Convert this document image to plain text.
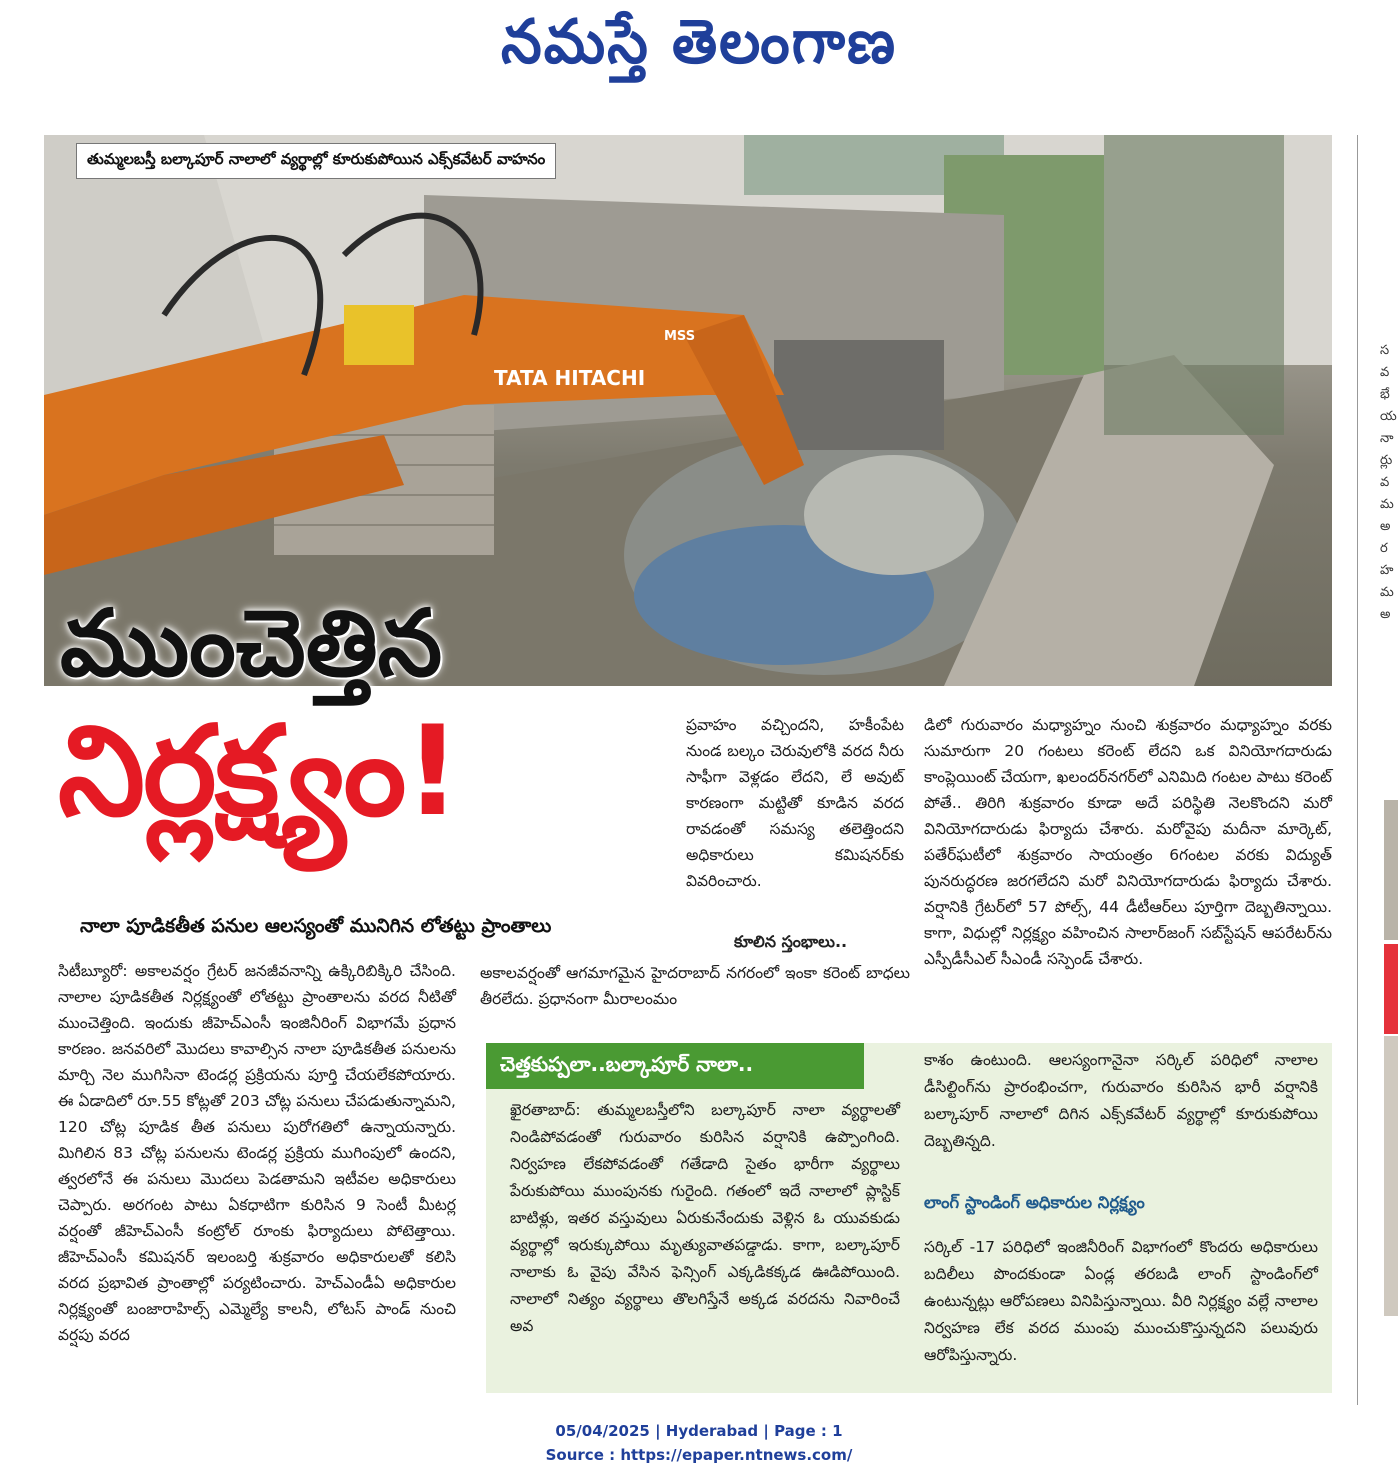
నమస్తే తెలంగాణ
TATA HITACHI
MSS
తుమ్మలబస్తీ బల్కాపూర్ నాలాలో వ్యర్థాల్లో కూరుకుపోయిన ఎక్స్‌కవేటర్ వాహనం
ముంచెత్తిన
నిర్లక్ష్యం!
నాలా పూడికతీత పనుల ఆలస్యంతో మునిగిన లోతట్టు ప్రాంతాలు

సిటీబ్యూరో: అకాలవర్షం గ్రేటర్ జనజీవనాన్ని ఉక్కిరిబిక్కిరి చేసింది. నాలాల పూడికతీత నిర్లక్ష్యంతో లోతట్టు ప్రాంతాలను వరద నీటితో ముంచెత్తింది. ఇందుకు జీహెచ్ఎంసీ ఇంజినీరింగ్ విభాగమే ప్రధాన కారణం. జనవరిలో మొదలు కావాల్సిన నాలా పూడికతీత పనులను మార్చి నెల ముగిసినా టెండర్ల ప్రక్రియను పూర్తి చేయలేకపోయారు. ఈ ఏడాదిలో రూ.55 కోట్లతో 203 చోట్ల పనులు చేపడుతున్నామని, 120 చోట్ల పూడిక తీత పనులు పురోగతిలో ఉన్నాయన్నారు. మిగిలిన 83 చోట్ల పనులను టెండర్ల ప్రక్రియ ముగింపులో ఉందని, త్వరలోనే ఈ పనులు మొదలు పెడతామని ఇటీవల అధికారులు చెప్పారు. అరగంట పాటు ఏకధాటిగా కురిసిన 9 సెంటీ మీటర్ల వర్షంతో జీహెచ్ఎంసీ కంట్రోల్ రూంకు ఫిర్యాదులు పోటెత్తాయి. జీహెచ్ఎంసీ కమిషనర్ ఇలంబర్తి శుక్రవారం అధికారులతో కలిసి వరద ప్రభావిత ప్రాంతాల్లో పర్యటించారు. హెచ్ఎండీఏ అధికారుల నిర్లక్ష్యంతో బంజారాహిల్స్ ఎమ్మెల్యే కాలనీ, లోటస్ పాండ్ నుంచి వర్షపు వరద

ప్రవాహం వచ్చిందని, హకీంపేట నుండ బల్కం చెరువులోకి వరద నీరు సాఫీగా వెళ్లడం లేదని, లే అవుట్ కారణంగా మట్టితో కూడిన వరద రావడంతో సమస్య తలెత్తిందని అధికారులు కమిషనర్‌కు వివరించారు.

కూలిన స్తంభాలు..

అకాలవర్షంతో ఆగమాగమైన హైదరాబాద్ నగరంలో ఇంకా కరెంట్ బాధలు తీరలేదు. ప్రధానంగా మీరాలంమం

డిలో గురువారం మధ్యాహ్నం నుంచి శుక్రవారం మధ్యాహ్నం వరకు సుమారుగా 20 గంటలు కరెంట్ లేదని ఒక వినియోగదారుడు కాంప్లెయింట్ చేయగా, ఖలందర్‌నగర్‌లో ఎనిమిది గంటల పాటు కరెంట్ పోతే.. తిరిగి శుక్రవారం కూడా అదే పరిస్థితి నెలకొందని మరో వినియోగదారుడు ఫిర్యాదు చేశారు. మరోవైపు మదీనా మార్కెట్, పతేర్‌ఘటీలో శుక్రవారం సాయంత్రం 6గంటల వరకు విద్యుత్ పునరుద్ధరణ జరగలేదని మరో వినియోగదారుడు ఫిర్యాదు చేశారు. వర్షానికి గ్రేటర్‌లో 57 పోల్స్, 44 డీటీఆర్‌లు పూర్తిగా దెబ్బతిన్నాయి. కాగా, విధుల్లో నిర్లక్ష్యం వహించిన సాలార్‌జంగ్ సబ్‌స్టేషన్ ఆపరేటర్‌ను ఎస్పీడీసీఎల్ సీఎండీ సస్పెండ్ చేశారు.

చెత్తకుప్పలా..బల్కాపూర్ నాలా..

ఖైరతాబాద్: తుమ్మలబస్తీలోని బల్కాపూర్ నాలా వ్యర్థాలతో నిండిపోవడంతో గురువారం కురిసిన వర్షానికి ఉప్పొంగింది. నిర్వహణ లేకపోవడంతో గతేడాది సైతం భారీగా వ్యర్థాలు పేరుకుపోయి ముంపునకు గురైంది. గతంలో ఇదే నాలాలో ప్లాస్టిక్ బాటిళ్లు, ఇతర వస్తువులు ఏరుకునేందుకు వెళ్లిన ఓ యువకుడు వ్యర్థాల్లో ఇరుక్కుపోయి మృత్యువాతపడ్డాడు. కాగా, బల్కాపూర్ నాలాకు ఓ వైపు వేసిన ఫెన్సింగ్ ఎక్కడికక్కడ ఊడిపోయింది. నాలాలో నిత్యం వ్యర్థాలు తొలగిస్తేనే అక్కడ వరదను నివారించే అవ

కాశం ఉంటుంది. ఆలస్యంగానైనా సర్కిల్ పరిధిలో నాలాల డీసిల్టింగ్‌ను ప్రారంభించగా, గురువారం కురిసిన భారీ వర్షానికి బల్కాపూర్ నాలాలో దిగిన ఎక్స్‌కవేటర్ వ్యర్థాల్లో కూరుకుపోయి దెబ్బతిన్నది.

లాంగ్ స్టాండింగ్ అధికారుల నిర్లక్ష్యం

సర్కిల్ -17 పరిధిలో ఇంజినీరింగ్ విభాగంలో కొందరు అధికారులు బదిలీలు పొందకుండా ఏండ్ల తరబడి లాంగ్ స్టాండింగ్‌లో ఉంటున్నట్లు ఆరోపణలు వినిపిస్తున్నాయి. వీరి నిర్లక్ష్యం వల్లే నాలాల నిర్వహణ లేక వరద ముంపు ముంచుకొస్తున్నదని పలువురు ఆరోపిస్తున్నారు.

స
వ
భే
య
నా
ర్లు
వ
మ
అ
ర
హ
మ
అ
05/04/2025 | Hyderabad | Page : 1
Source : https://epaper.ntnews.com/
